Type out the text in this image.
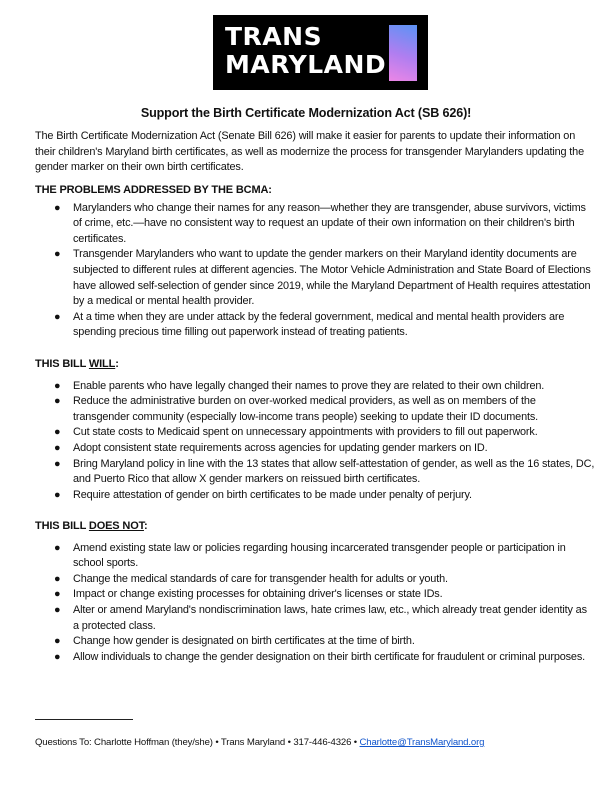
TRANS
MARYLAND
Support the Birth Certificate Modernization Act (SB 626)!
The Birth Certificate Modernization Act (Senate Bill 626) will make it easier for parents to update their information on their children's Maryland birth certificates, as well as modernize the process for transgender Marylanders updating the gender marker on their own birth certificates.
THE PROBLEMS ADDRESSED BY THE BCMA:
● Marylanders who change their names for any reason—whether they are transgender, abuse survivors, victims of crime, etc.—have no consistent way to request an update of their own information on their children's birth certificates.
● Transgender Marylanders who want to update the gender markers on their Maryland identity documents are subjected to different rules at different agencies. The Motor Vehicle Administration and State Board of Elections have allowed self-selection of gender since 2019, while the Maryland Department of Health requires attestation by a medical or mental health provider.
● At a time when they are under attack by the federal government, medical and mental health providers are spending precious time filling out paperwork instead of treating patients.
THIS BILL WILL:
● Enable parents who have legally changed their names to prove they are related to their own children.
● Reduce the administrative burden on over-worked medical providers, as well as on members of the transgender community (especially low-income trans people) seeking to update their ID documents.
● Cut state costs to Medicaid spent on unnecessary appointments with providers to fill out paperwork.
● Adopt consistent state requirements across agencies for updating gender markers on ID.
● Bring Maryland policy in line with the 13 states that allow self-attestation of gender, as well as the 16 states, DC, and Puerto Rico that allow X gender markers on reissued birth certificates.
● Require attestation of gender on birth certificates to be made under penalty of perjury.
THIS BILL DOES NOT:
● Amend existing state law or policies regarding housing incarcerated transgender people or participation in school sports.
● Change the medical standards of care for transgender health for adults or youth.
● Impact or change existing processes for obtaining driver's licenses or state IDs.
● Alter or amend Maryland's nondiscrimination laws, hate crimes law, etc., which already treat gender identity as a protected class.
● Change how gender is designated on birth certificates at the time of birth.
● Allow individuals to change the gender designation on their birth certificate for fraudulent or criminal purposes.
Questions To: Charlotte Hoffman (they/she) • Trans Maryland • 317-446-4326 • Charlotte@TransMaryland.org
